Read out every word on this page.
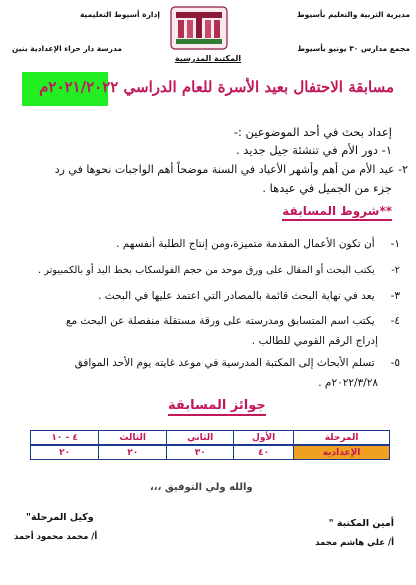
مديرية التربية والتعليم بأسيوط
مجمع مدارس ٣٠ يونيو بأسيوط
إدارة أسيوط التعليمية
مدرسة دار حراء الإعدادية بنين
المكتبة المدرسية
مسابقة الاحتفال بعيد الأسرة للعام الدراسي ٢٠٢١/٢٠٢٢م
إعداد بحث في أحد الموضوعين :-
١- دور الأم في تنشئة جيل جديد .
٢- عيد الأم من أهم وأشهر الأعياد في السنة موضحاً أهم الواجبات نحوها في رد
جزء من الجميل في عيدها .
**شروط المسابقة
١- أن تكون الأعمال المقدمة متميزة،ومن إنتاج الطلبة أنفسهم .
٢- يكتب البحث أو المقال على ورق موحد من حجم الفولسكاب بخط اليد أو بالكمبيوتر .
٣- يعد في نهاية البحث قائمة بالمصادر التي اعتمد عليها في البحث .
٤- يكتب اسم المتسابق ومدرسته على ورقة مستقلة منفصلة عن البحث مع
إدراج الرقم القومي للطالب .
٥- تسلم الأبحاث إلى المكتبة المدرسية في موعد غايته يوم الأحد الموافق
٢٠٢٢/٣/٢٨م .
جوائز المسابقة
المرحلة	الأول	الثاني	الثالث	٤ - ١٠
الإعدادية	٤٠	٣٠	٢٠	٢٠
والله ولي التوفيق ،،،
أمين المكتبة "
أ/ علي هاشم محمد
وكيل المرحلة"
أ/ محمد محمود أحمد
